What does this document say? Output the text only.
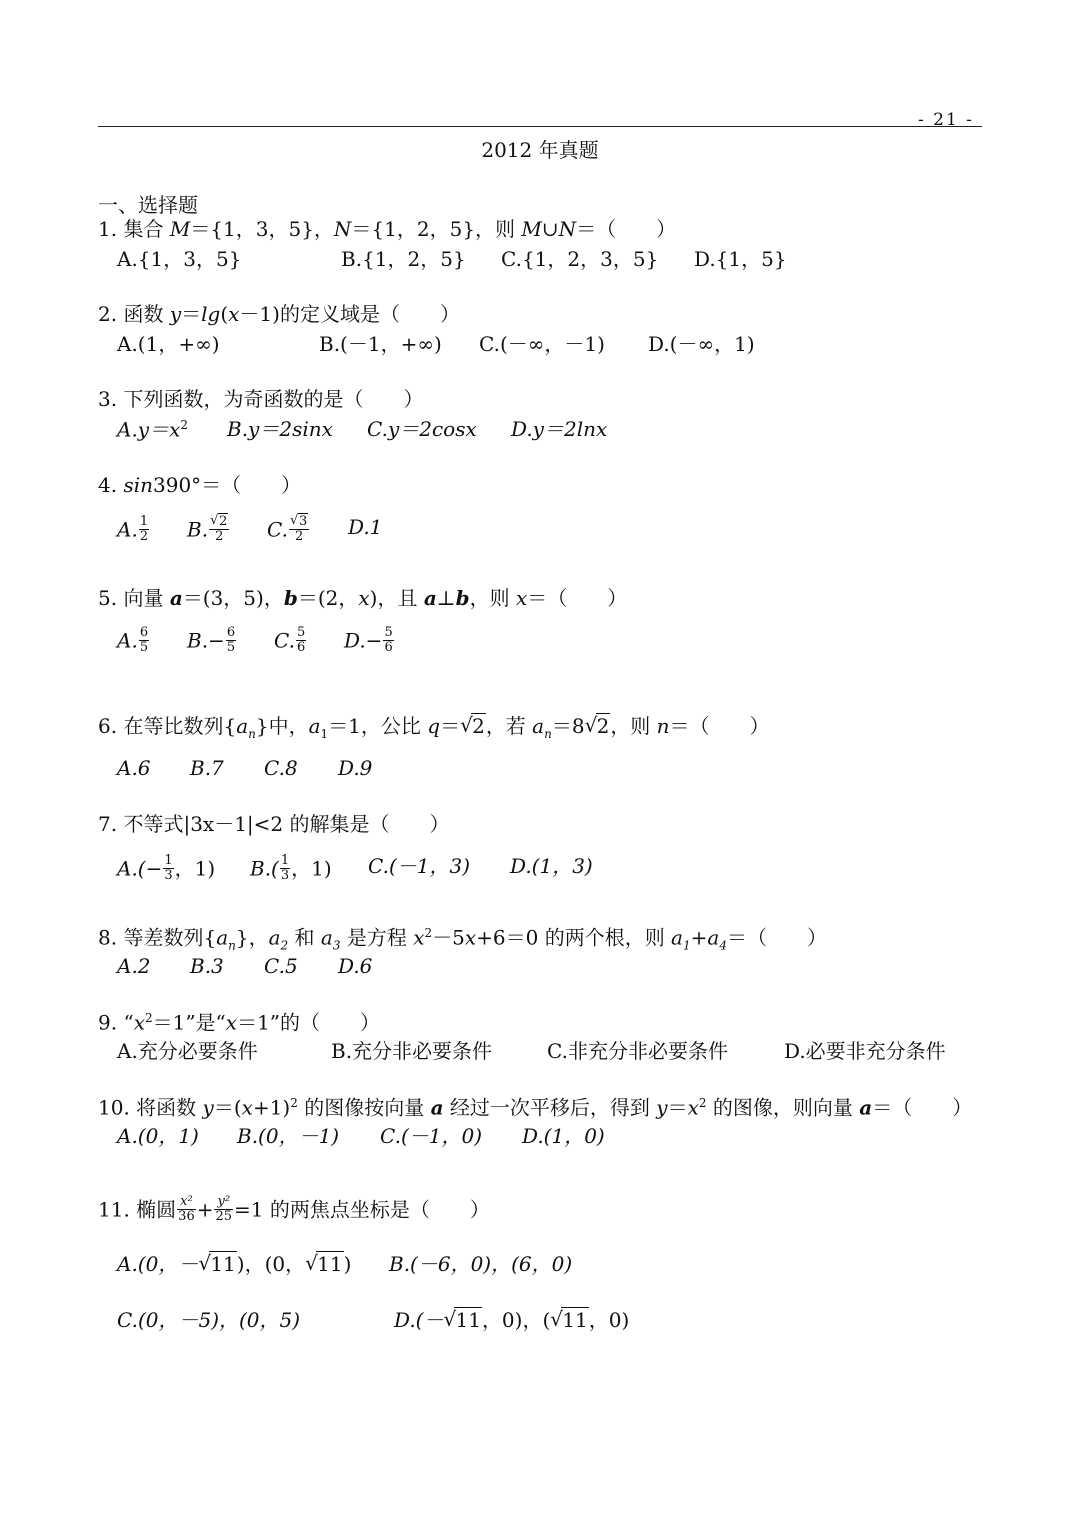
- 21 -
2012 年真题
一、选择题
1. 集合 M＝{1，3，5}，N＝{1，2，5}，则 M∪N＝（　　）
A.{1，3，5}	B.{1，2，5} C.{1，2，3，5} D.{1，5}
2. 函数 y＝lg(x－1)的定义域是（　　）
A.(1，+∞)	B.(－1，+∞) C.(－∞，－1) D.(－∞，1)
3. 下列函数，为奇函数的是（　　）
$A.y=x^2$ B.y＝2sinx C.y＝2cosx D.y＝2lnx
4. sin390°＝（　　）
A. $\frac{1}{2} B$.
√ $\frac{2}{2} C$.
√ $\frac{3}{2} D.1$
5. 向量 a＝(3，5)，b＝(2，x)，且 a⊥b，则 x＝（　　）
A. $\frac{6}{5} B.- \frac{6}{5} C$. $\frac{5}{6} D.- \frac{5}{6}$
6. 在等比数列$\{a_n\}$中，$a_1=1$，公比 q＝√ 2，若 $a_n=8√$ 2，则 n＝（　　）
A.6 B.7 C.8 D.9
7. 不等式|3x－1|<2 的解集是（　　）
$A.(- \frac{1}{3}$ ，1) $B.( \frac{1}{3}$ ，1) C.(－1，3) D.(1，3)
8. 等差数列$\{a_n\}$，$a_2$ 和 $a_3$ 是方程 $x^2-5x+6=0$ 的两个根，则 $a_1+a_4=$（　　）
A.2 B.3 C.5 D.6
9. “$x^2=1$”是“x＝1”的（　　）
A.充分必要条件	B.充分非必要条件	C.非充分非必要条件	D.必要非充分条件
10. 将函数 $y=(x+1)^2$ 的图像按向量 a 经过一次平移后，得到 $y=x^2$ 的图像，则向量 a＝（　　）
A.(0，1) B.(0，－1) C.(－1，0) D.(1，0)
11. 椭圆 $\frac{\text{x²}}{36} + \frac{\text{y²}}{25} =1$ 的两焦点坐标是（　　）
A.(0，－√ 11)，(0，√ 11) B.(－6，0)，(6，0)
C.(0，－5)，(0，5)	D.(－√ 11，0)，(√ 11，0)
